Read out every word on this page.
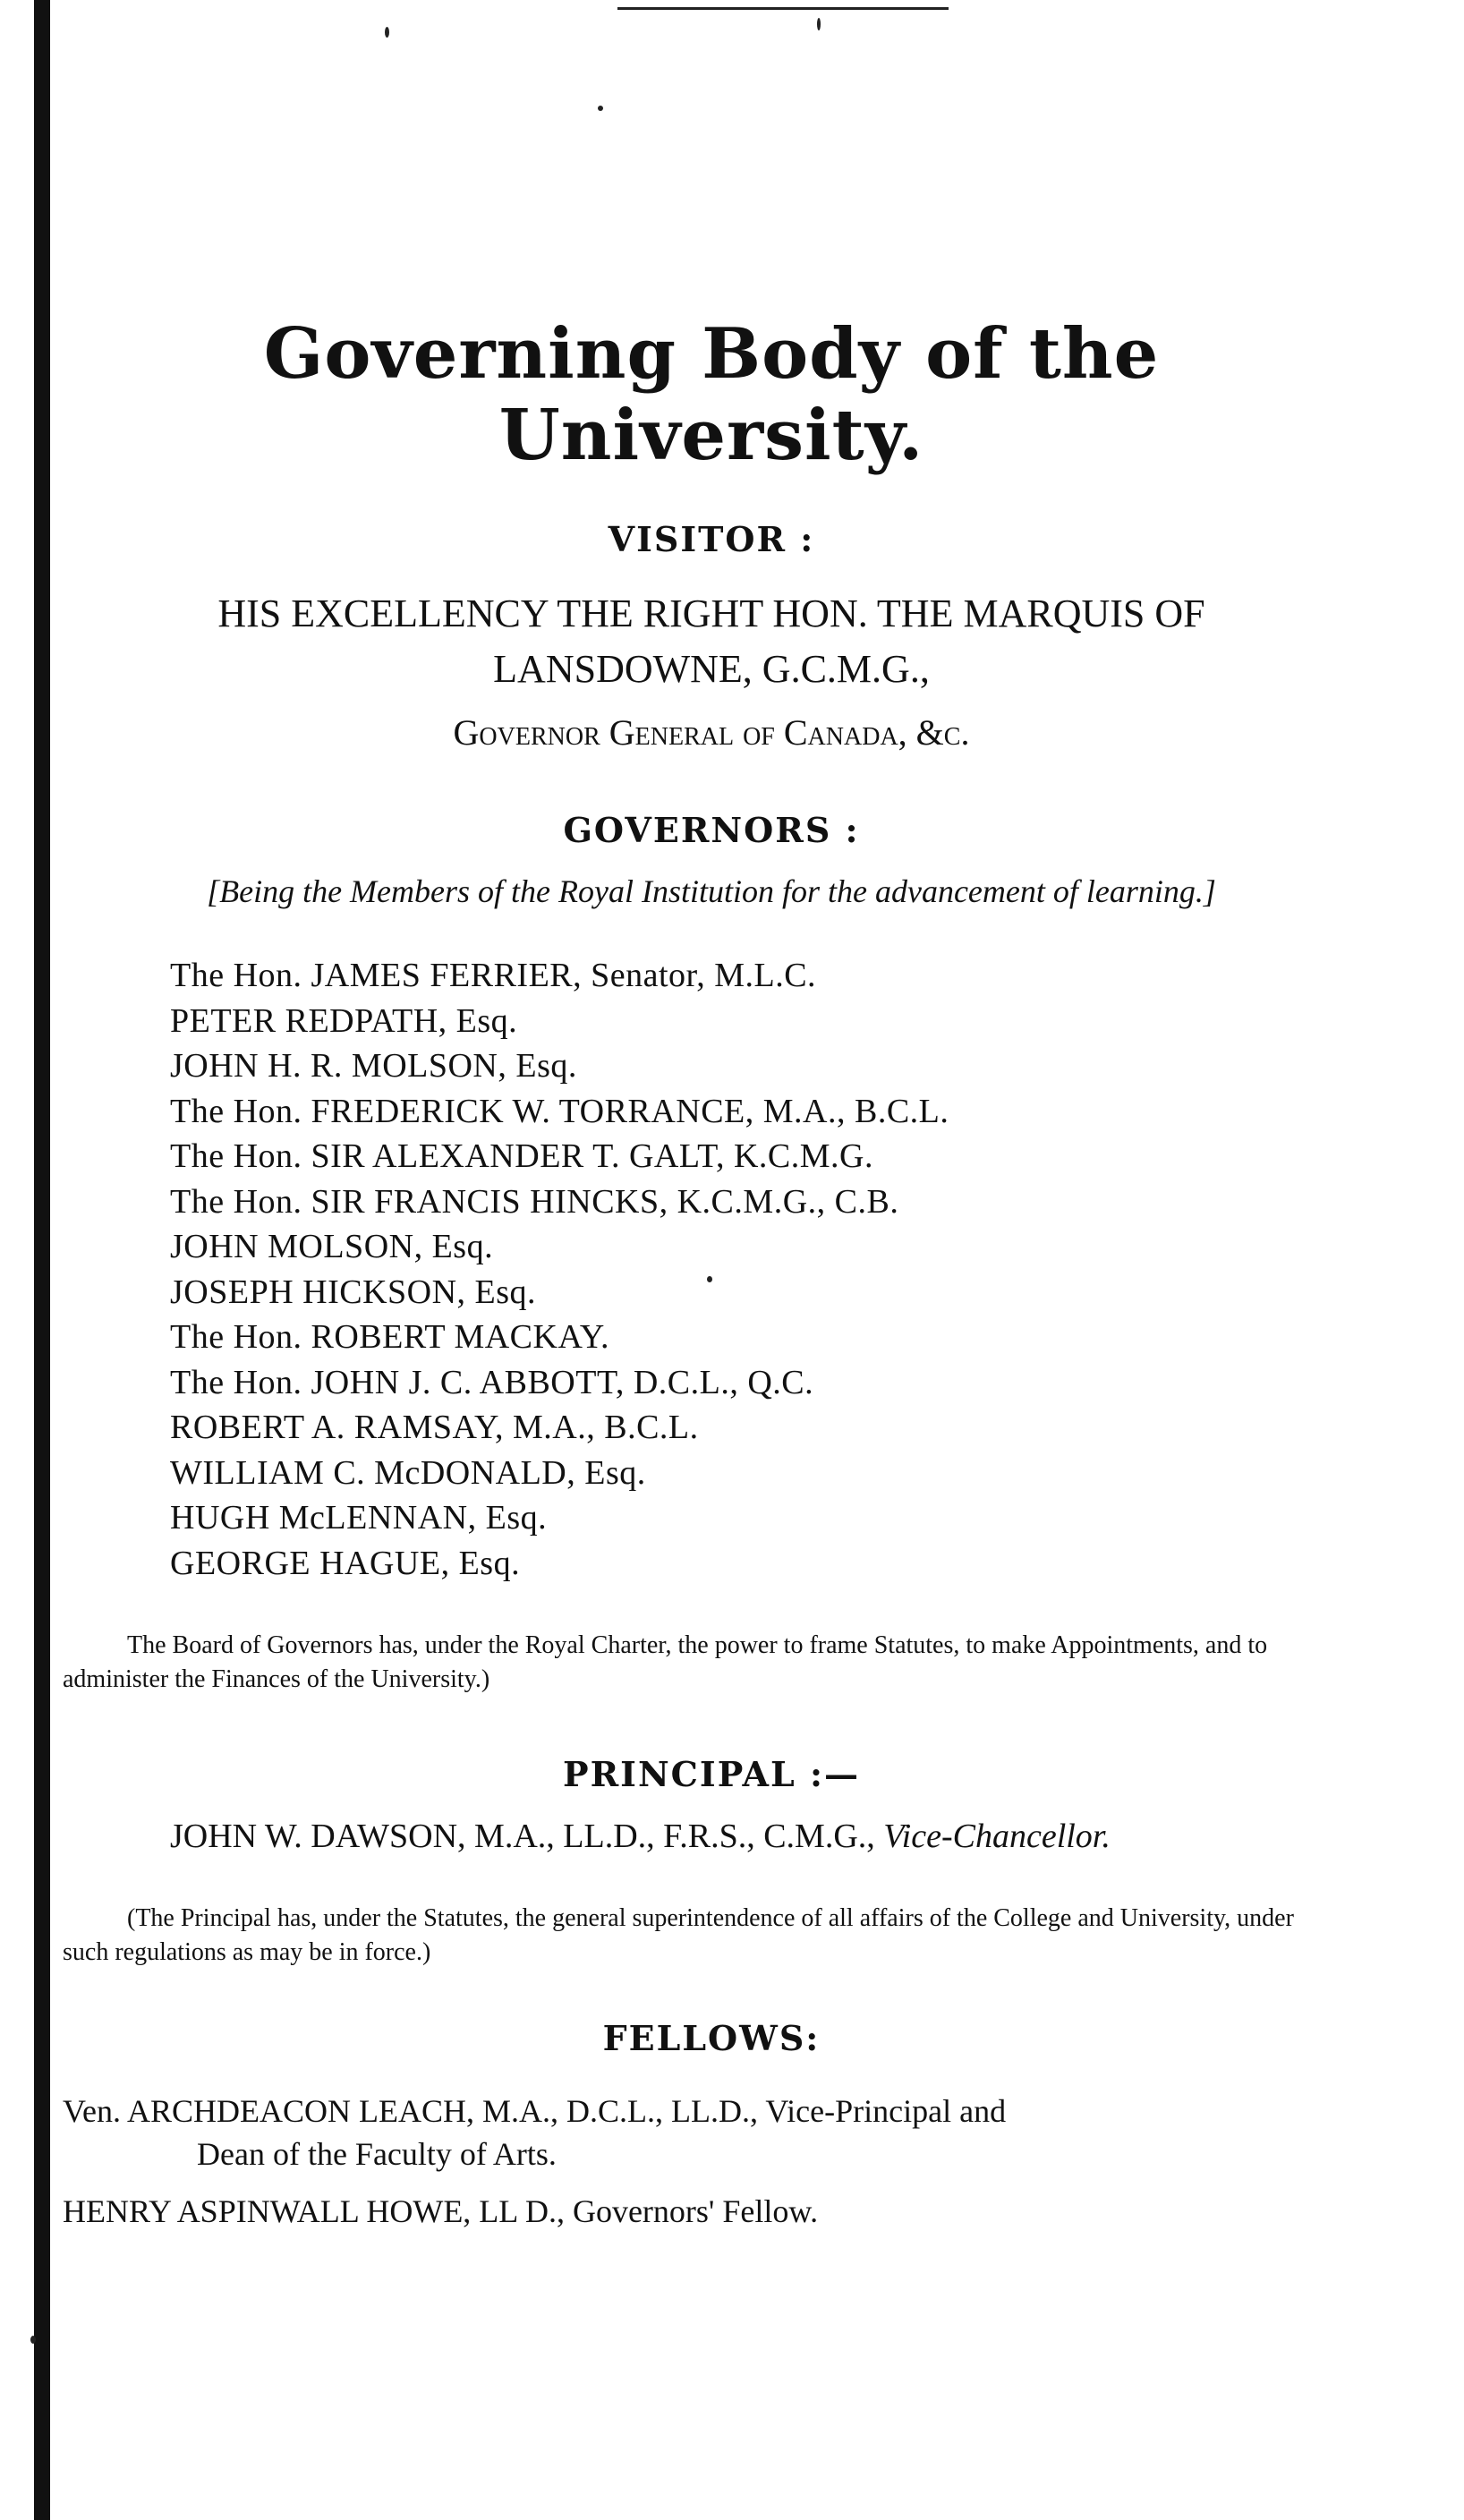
Governing Body of the University.
VISITOR :
HIS EXCELLENCY THE RIGHT HON. THE MARQUIS OF
LANSDOWNE, G.C.M.G.,
Governor General of Canada, &c.
GOVERNORS :
[Being the Members of the Royal Institution for the advancement of learning.]
The Hon. JAMES FERRIER, Senator, M.L.C.
PETER REDPATH, Esq.
JOHN H. R. MOLSON, Esq.
The Hon. FREDERICK W. TORRANCE, M.A., B.C.L.
The Hon. SIR ALEXANDER T. GALT, K.C.M.G.
The Hon. SIR FRANCIS HINCKS, K.C.M.G., C.B.
JOHN MOLSON, Esq.
JOSEPH HICKSON, Esq.
The Hon. ROBERT MACKAY.
The Hon. JOHN J. C. ABBOTT, D.C.L., Q.C.
ROBERT A. RAMSAY, M.A., B.C.L.
WILLIAM C. McDONALD, Esq.
HUGH McLENNAN, Esq.
GEORGE HAGUE, Esq.
The Board of Governors has, under the Royal Charter, the power to frame Statutes, to make Appointments, and to administer the Finances of the University.)
PRINCIPAL :—
JOHN W. DAWSON, M.A., LL.D., F.R.S., C.M.G., Vice-Chancellor.
(The Principal has, under the Statutes, the general superintendence of all affairs of the College and University, under such regulations as may be in force.)
FELLOWS:
Ven. ARCHDEACON LEACH, M.A., D.C.L., LL.D., Vice-Principal and
Dean of the Faculty of Arts.
HENRY ASPINWALL HOWE, LL D., Governors' Fellow.
